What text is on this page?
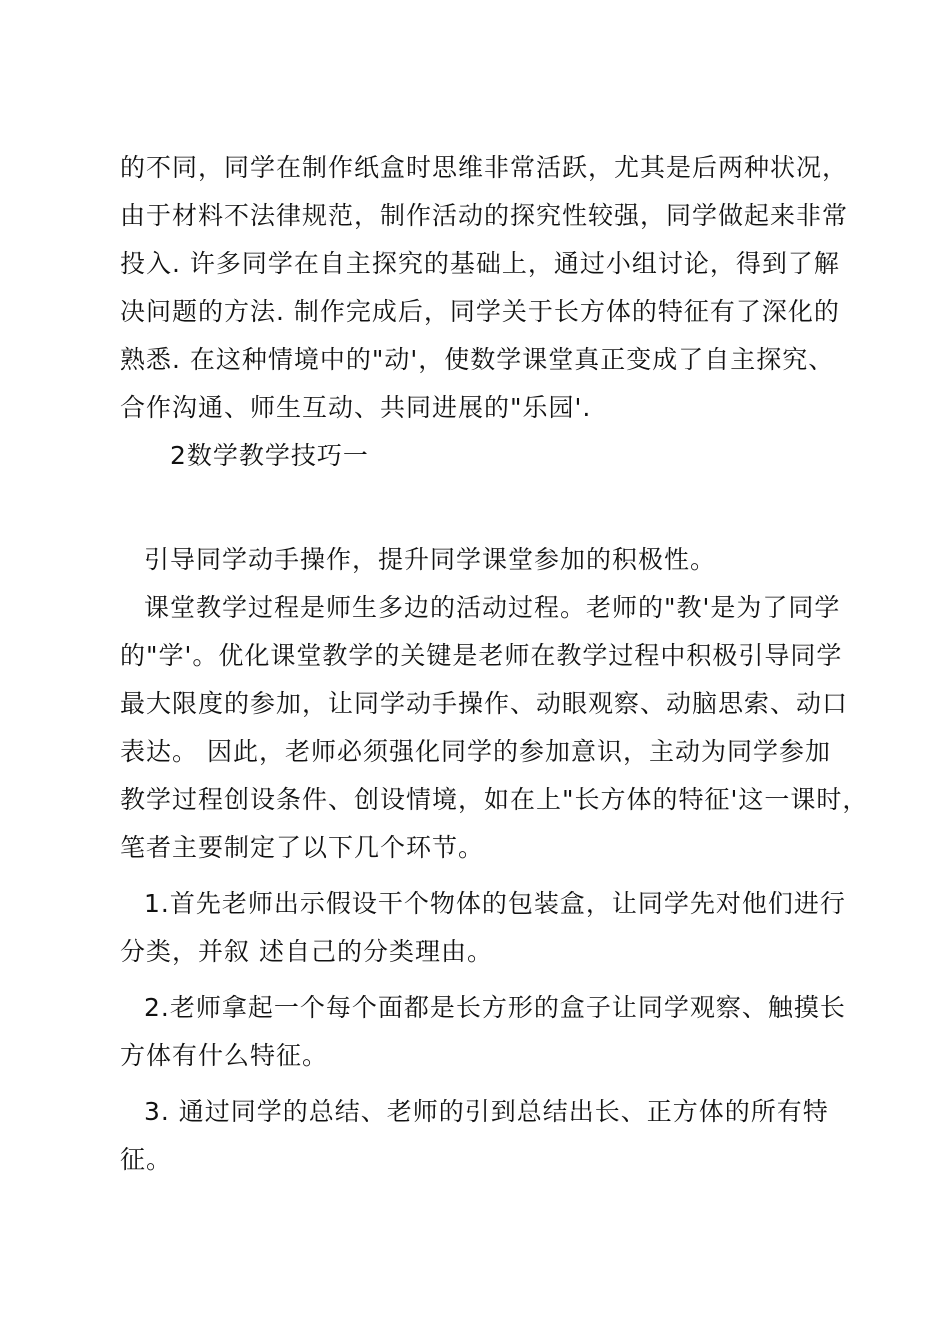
的不同，同学在制作纸盒时思维非常活跃，尤其是后两种状况，
由于材料不法律规范，制作活动的探究性较强，同学做起来非常
投入. 许多同学在自主探究的基础上，通过小组讨论，得到了解
决问题的方法. 制作完成后，同学关于长方体的特征有了深化的
熟悉. 在这种情境中的"动'，使数学课堂真正变成了自主探究、
合作沟通、师生互动、共同进展的"乐园'.
2数学教学技巧一
引导同学动手操作，提升同学课堂参加的积极性。
课堂教学过程是师生多边的活动过程。老师的"教'是为了同学
的"学'。优化课堂教学的关键是老师在教学过程中积极引导同学
最大限度的参加，让同学动手操作、动眼观察、动脑思索、动口
表达。 因此，老师必须强化同学的参加意识，主动为同学参加
教学过程创设条件、创设情境，如在上"长方体的特征'这一课时，
笔者主要制定了以下几个环节。
1.首先老师出示假设干个物体的包装盒，让同学先对他们进行
分类，并叙 述自己的分类理由。
2.老师拿起一个每个面都是长方形的盒子让同学观察、触摸长
方体有什么特征。
3. 通过同学的总结、老师的引到总结出长、正方体的所有特
征。
